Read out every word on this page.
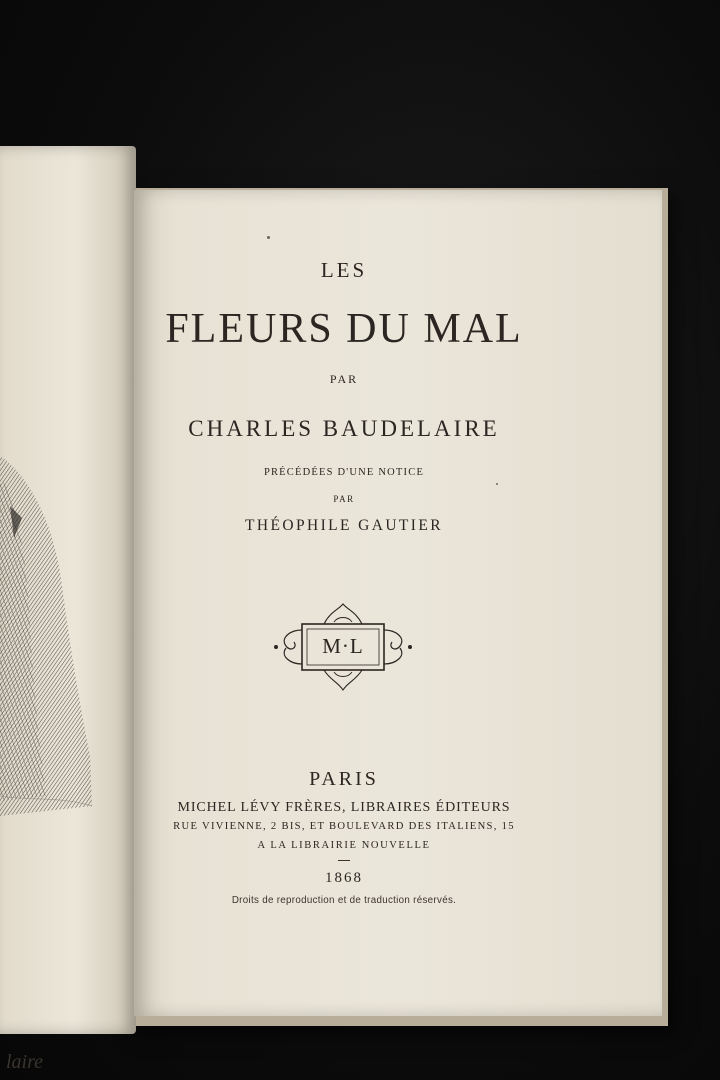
laire
LES
FLEURS DU MAL
PAR
CHARLES BAUDELAIRE
PRÉCÉDÉES D'UNE NOTICE
PAR
THÉOPHILE GAUTIER
M·L
PARIS
MICHEL LÉVY FRÈRES, LIBRAIRES ÉDITEURS
RUE VIVIENNE, 2 BIS, ET BOULEVARD DES ITALIENS, 15
A LA LIBRAIRIE NOUVELLE
1868
Droits de reproduction et de traduction réservés.
